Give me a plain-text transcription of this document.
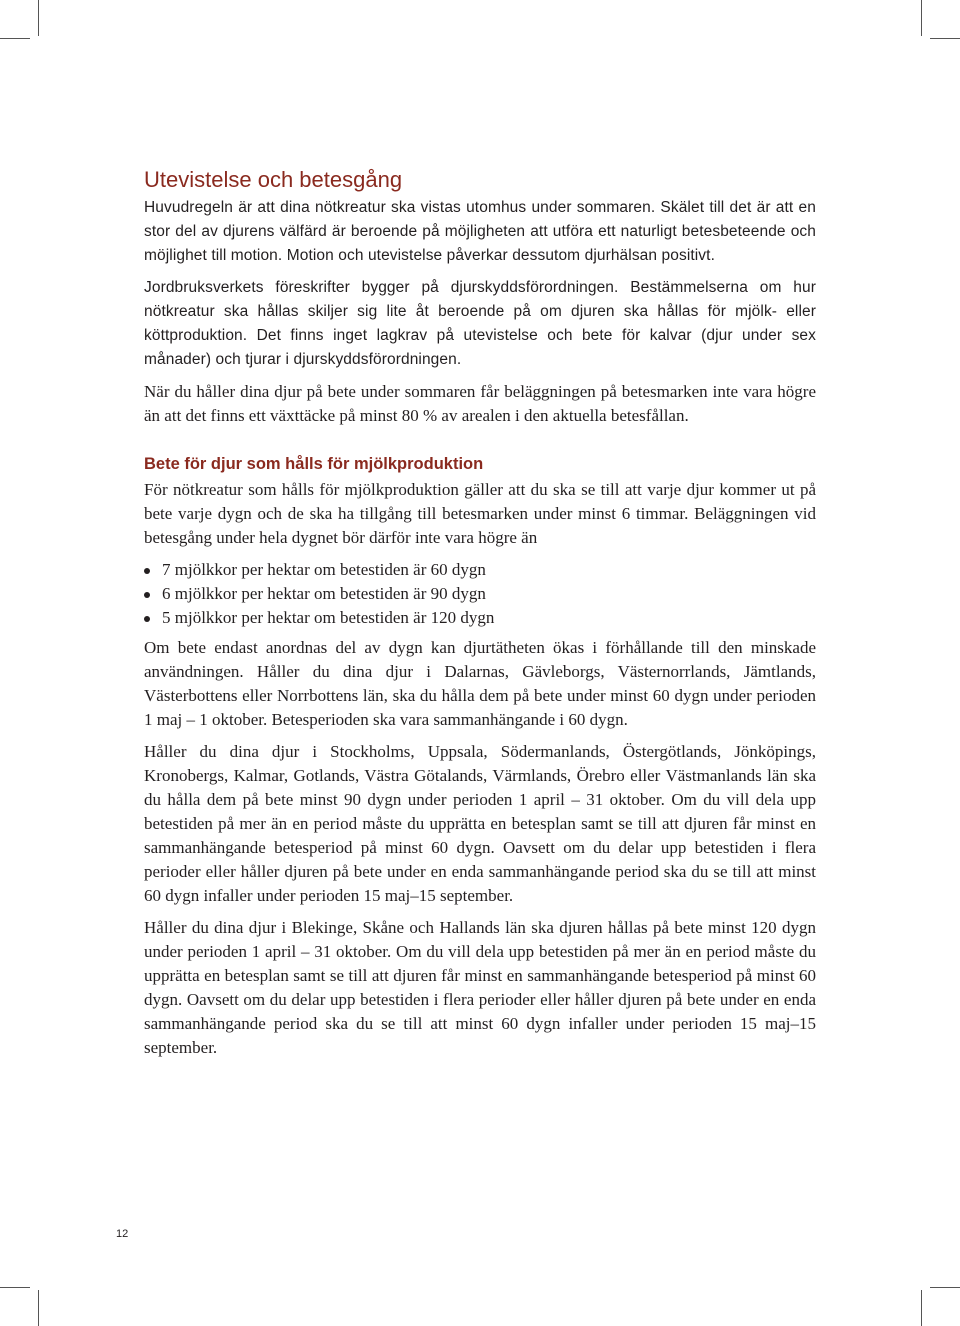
Utevistelse och betesgång

Huvudregeln är att dina nötkreatur ska vistas utomhus under sommaren. Skälet till det är att en stor del av djurens välfärd är beroende på möjligheten att utföra ett naturligt betesbeteende och möjlighet till motion. Motion och utevistelse påverkar dessutom djurhälsan positivt.

Jordbruksverkets föreskrifter bygger på djurskyddsförordningen. Bestämmelserna om hur nötkreatur ska hållas skiljer sig lite åt beroende på om djuren ska hållas för mjölk- eller köttproduktion. Det finns inget lagkrav på utevistelse och bete för kalvar (djur under sex månader) och tjurar i djurskyddsförordningen.

När du håller dina djur på bete under sommaren får beläggningen på betesmarken inte vara högre än att det finns ett växttäcke på minst 80 % av arealen i den aktuella betesfållan.

Bete för djur som hålls för mjölkproduktion

För nötkreatur som hålls för mjölkproduktion gäller att du ska se till att varje djur kommer ut på bete varje dygn och de ska ha tillgång till betesmarken under minst 6 timmar. Beläggningen vid betesgång under hela dygnet bör därför inte vara högre än

7 mjölkkor per hektar om betestiden är 60 dygn
6 mjölkkor per hektar om betestiden är 90 dygn
5 mjölkkor per hektar om betestiden är 120 dygn

Om bete endast anordnas del av dygn kan djurtätheten ökas i förhållande till den minskade användningen. Håller du dina djur i Dalarnas, Gävleborgs, Västernorrlands, Jämtlands, Västerbottens eller Norrbottens län, ska du hålla dem på bete under minst 60 dygn under perioden 1 maj – 1 oktober. Betesperioden ska vara sammanhängande i 60 dygn.

Håller du dina djur i Stockholms, Uppsala, Södermanlands, Östergötlands, Jönköpings, Kronobergs, Kalmar, Gotlands, Västra Götalands, Värmlands, Örebro eller Västmanlands län ska du hålla dem på bete minst 90 dygn under perioden 1 april – 31 oktober. Om du vill dela upp betestiden på mer än en period måste du upprätta en betesplan samt se till att djuren får minst en sammanhängande betesperiod på minst 60 dygn. Oavsett om du delar upp betestiden i flera perioder eller håller djuren på bete under en enda sammanhängande period ska du se till att minst 60 dygn infaller under perioden 15 maj–15 september.

Håller du dina djur i Blekinge, Skåne och Hallands län ska djuren hållas på bete minst 120 dygn under perioden 1 april – 31 oktober. Om du vill dela upp betestiden på mer än en period måste du upprätta en betesplan samt se till att djuren får minst en sammanhängande betesperiod på minst 60 dygn. Oavsett om du delar upp betestiden i flera perioder eller håller djuren på bete under en enda sammanhängande period ska du se till att minst 60 dygn infaller under perioden 15 maj–15 september.

12
